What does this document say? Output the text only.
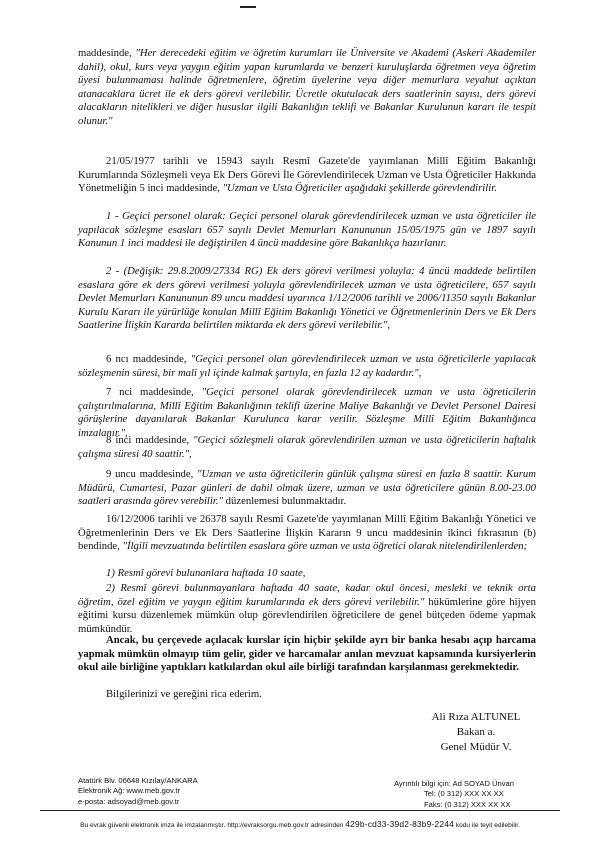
maddesinde, "Her derecedeki eğitim ve öğretim kurumları ile Üniversite ve Akademi (Askeri Akademiler dahil), okul, kurs veya yaygın eğitim yapan kurumlarda ve benzeri kuruluşlarda öğretmen veya öğretim üyesi bulunmaması halinde öğretmenlere, öğretim üyelerine veya diğer memurlara veyahut açıktan atanacaklara ücret ile ek ders görevi verilebilir. Ücretle okutulacak ders saatlerinin sayısı, ders görevi alacakların nitelikleri ve diğer hususlar ilgili Bakanlığın teklifi ve Bakanlar Kurulunun kararı ile tespit olunur."

21/05/1977 tarihli ve 15943 sayılı Resmî Gazete'de yayımlanan Millî Eğitim Bakanlığı Kurumlarında Sözleşmeli veya Ek Ders Görevi İle Görevlendirilecek Uzman ve Usta Öğreticiler Hakkında Yönetmeliğin 5 inci maddesinde, "Uzman ve Usta Öğreticiler aşağıdaki şekillerde görevlendirilir.

1 - Geçici personel olarak: Geçici personel olarak görevlendirilecek uzman ve usta öğreticiler ile yapılacak sözleşme esasları 657 sayılı Devlet Memurları Kanununun 15/05/1975 gün ve 1897 sayılı Kanunun 1 inci maddesi ile değiştirilen 4 üncü maddesine göre Bakanlıkça hazırlanır.

2 - (Değişik: 29.8.2009/27334 RG) Ek ders görevi verilmesi yoluyla: 4 üncü maddede belirtilen esaslara göre ek ders görevi verilmesi yoluyla görevlendirilecek uzman ve usta öğreticilere, 657 sayılı Devlet Memurları Kanununun 89 uncu maddesi uyarınca 1/12/2006 tarihli ve 2006/11350 sayılı Bakanlar Kurulu Kararı ile yürürlüğe konulan Millî Eğitim Bakanlığı Yönetici ve Öğretmenlerinin Ders ve Ek Ders Saatlerine İlişkin Kararda belirtilen miktarda ek ders görevi verilebilir.",

6 ncı maddesinde, "Geçici personel olan görevlendirilecek uzman ve usta öğreticilerle yapılacak sözleşmenin süresi, bir mali yıl içinde kalmak şartıyla, en fazla 12 ay kadardır.",

7 nci maddesinde, "Geçici personel olarak görevlendirilecek uzman ve usta öğreticilerin çalıştırılmalarına, Millî Eğitim Bakanlığının teklifi üzerine Maliye Bakanlığı ve Devlet Personel Dairesi görüşlerine dayanılarak Bakanlar Kurulunca karar verilir. Sözleşme Millî Eğitim Bakanlığınca imzalanır.",

8 inci maddesinde, "Geçici sözleşmeli olarak görevlendirilen uzman ve usta öğreticilerin haftalık çalışma süresi 40 saattir.",

9 uncu maddesinde, "Uzman ve usta öğreticilerin günlük çalışma süresi en fazla 8 saattir. Kurum Müdürü, Cumartesi, Pazar günleri de dahil olmak üzere, uzman ve usta öğreticilere günün 8.00-23.00 saatleri arasında görev verebilir." düzenlemesi bulunmaktadır.

16/12/2006 tarihli ve 26378 sayılı Resmî Gazete'de yayımlanan Millî Eğitim Bakanlığı Yönetici ve Öğretmenlerinin Ders ve Ek Ders Saatlerine İlişkin Kararın 9 uncu maddesinin ikinci fıkrasının (b) bendinde, "İlgili mevzuatında belirtilen esaslara göre uzman ve usta öğretici olarak nitelendirilenlerden;

1) Resmî görevi bulunanlara haftada 10 saate,

2) Resmî görevi bulunmayanlara haftada 40 saate, kadar okul öncesi, mesleki ve teknik orta öğretim, özel eğitim ve yaygın eğitim kurumlarında ek ders görevi verilebilir." hükümlerine göre hijyen eğitimi kursu düzenlemek mümkün olup görevlendirilen öğreticilere de genel bütçeden ödeme yapmak mümkündür.

Ancak, bu çerçevede açılacak kurslar için hiçbir şekilde ayrı bir banka hesabı açıp harcama yapmak mümkün olmayıp tüm gelir, gider ve harcamalar anılan mevzuat kapsamında kursiyerlerin okul aile birliğine yaptıkları katkılardan okul aile birliği tarafından karşılanması gerekmektedir.

Bilgilerinizi ve gereğini rica ederim.

Ali Rıza ALTUNEL
Bakan a.
Genel Müdür V.
Atatürk Blv. 06648 Kızılay/ANKARA
Elektronik Ağ: www.meb.gov.tr
e-posta: adsoyad@meb.gov.tr
Ayrıntılı bilgi için: Ad SOYAD Ünvan
Tel: (0 312) XXX XX XX
Faks: (0 312) XXX XX XX
Bu evrak güvenli elektronik imza ile imzalanmıştır. http://evraksorgu.meb.gov.tr adresinden 429b-cd33-39d2-83b9-2244 kodu ile teyit edilebilir.
